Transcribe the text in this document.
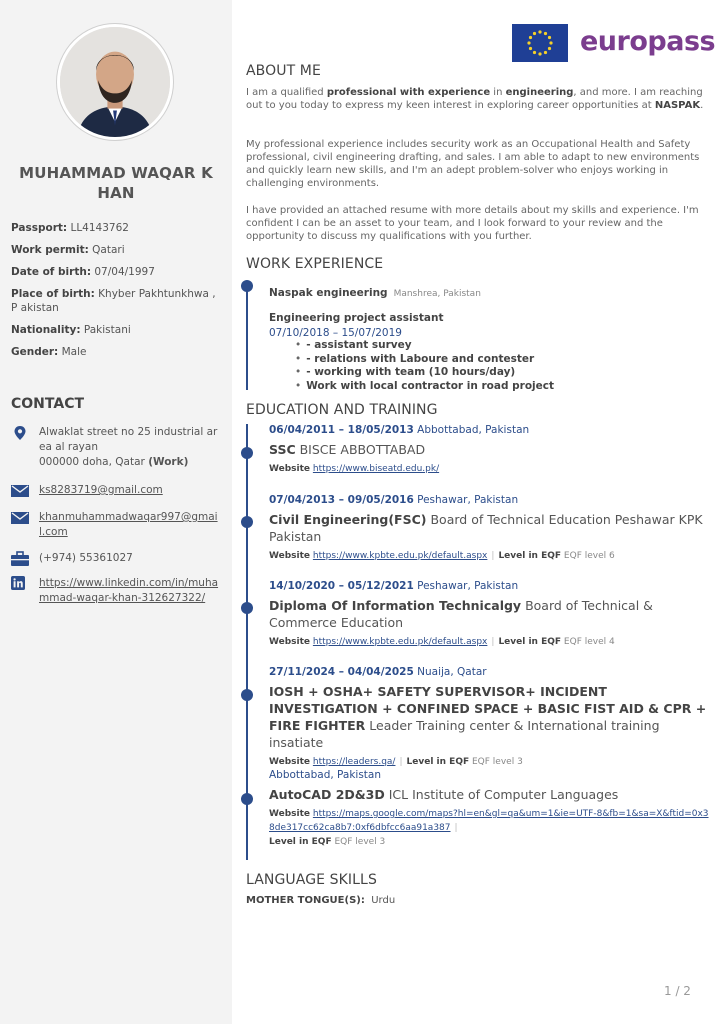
MUHAMMAD WAQAR K HAN
Passport: LL4143762
Work permit: Qatari
Date of birth: 07/04/1997
Place of birth: Khyber Pakhtunkhwa , P akistan
Nationality: Pakistani
Gender: Male
CONTACT
Alwaklat street no 25 industrial area al rayan
000000 doha, Qatar (Work)
ks8283719@gmail.com
khanmuhammadwaqar997@gmail.com
(+974) 55361027
https://www.linkedin.com/in/muhammad-waqar-khan-312627322/
europass
ABOUT ME
I am a qualified professional with experience in engineering, and more. I am reaching out to you today to express my keen interest in exploring career opportunities at NASPAK.
My professional experience includes security work as an Occupational Health and Safety professional, civil engineering drafting, and sales. I am able to adapt to new environments and quickly learn new skills, and I'm an adept problem-solver who enjoys working in challenging environments.
I have provided an attached resume with more details about my skills and experience. I'm confident I can be an asset to your team, and I look forward to your review and the opportunity to discuss my qualifications with you further.
WORK EXPERIENCE
Naspak engineering Manshrea, Pakistan
Engineering project assistant
07/10/2018 – 15/07/2019
• - assistant survey
• - relations with Laboure and contester
• - working with team (10 hours/day)
• Work with local contractor in road project
EDUCATION AND TRAINING
06/04/2011 – 18/05/2013 Abbottabad, Pakistan
SSC BISCE ABBOTTABAD
Website https://www.biseatd.edu.pk/
07/04/2013 – 09/05/2016 Peshawar, Pakistan
Civil Engineering(FSC) Board of Technical Education Peshawar KPK Pakistan
Website https://www.kpbte.edu.pk/default.aspx | Level in EQF EQF level 6
14/10/2020 – 05/12/2021 Peshawar, Pakistan
Diploma Of Information Technicalgy Board of Technical & Commerce Education
Website https://www.kpbte.edu.pk/default.aspx | Level in EQF EQF level 4
27/11/2024 – 04/04/2025 Nuaija, Qatar
IOSH + OSHA+ SAFETY SUPERVISOR+ INCIDENT INVESTIGATION + CONFINED SPACE + BASIC FIST AID & CPR + FIRE FIGHTER Leader Training center & International training insatiate
Website https://leaders.qa/ | Level in EQF EQF level 3
Abbottabad, Pakistan
AutoCAD 2D&3D ICL Institute of Computer Languages
Website https://maps.google.com/maps?hl=en&gl=qa&um=1&ie=UTF-8&fb=1&sa=X&ftid=0x38de317cc62ca8b7:0xf6dbfcc6aa91a387 |
Level in EQF EQF level 3
LANGUAGE SKILLS
MOTHER TONGUE(S): Urdu
1 / 2
